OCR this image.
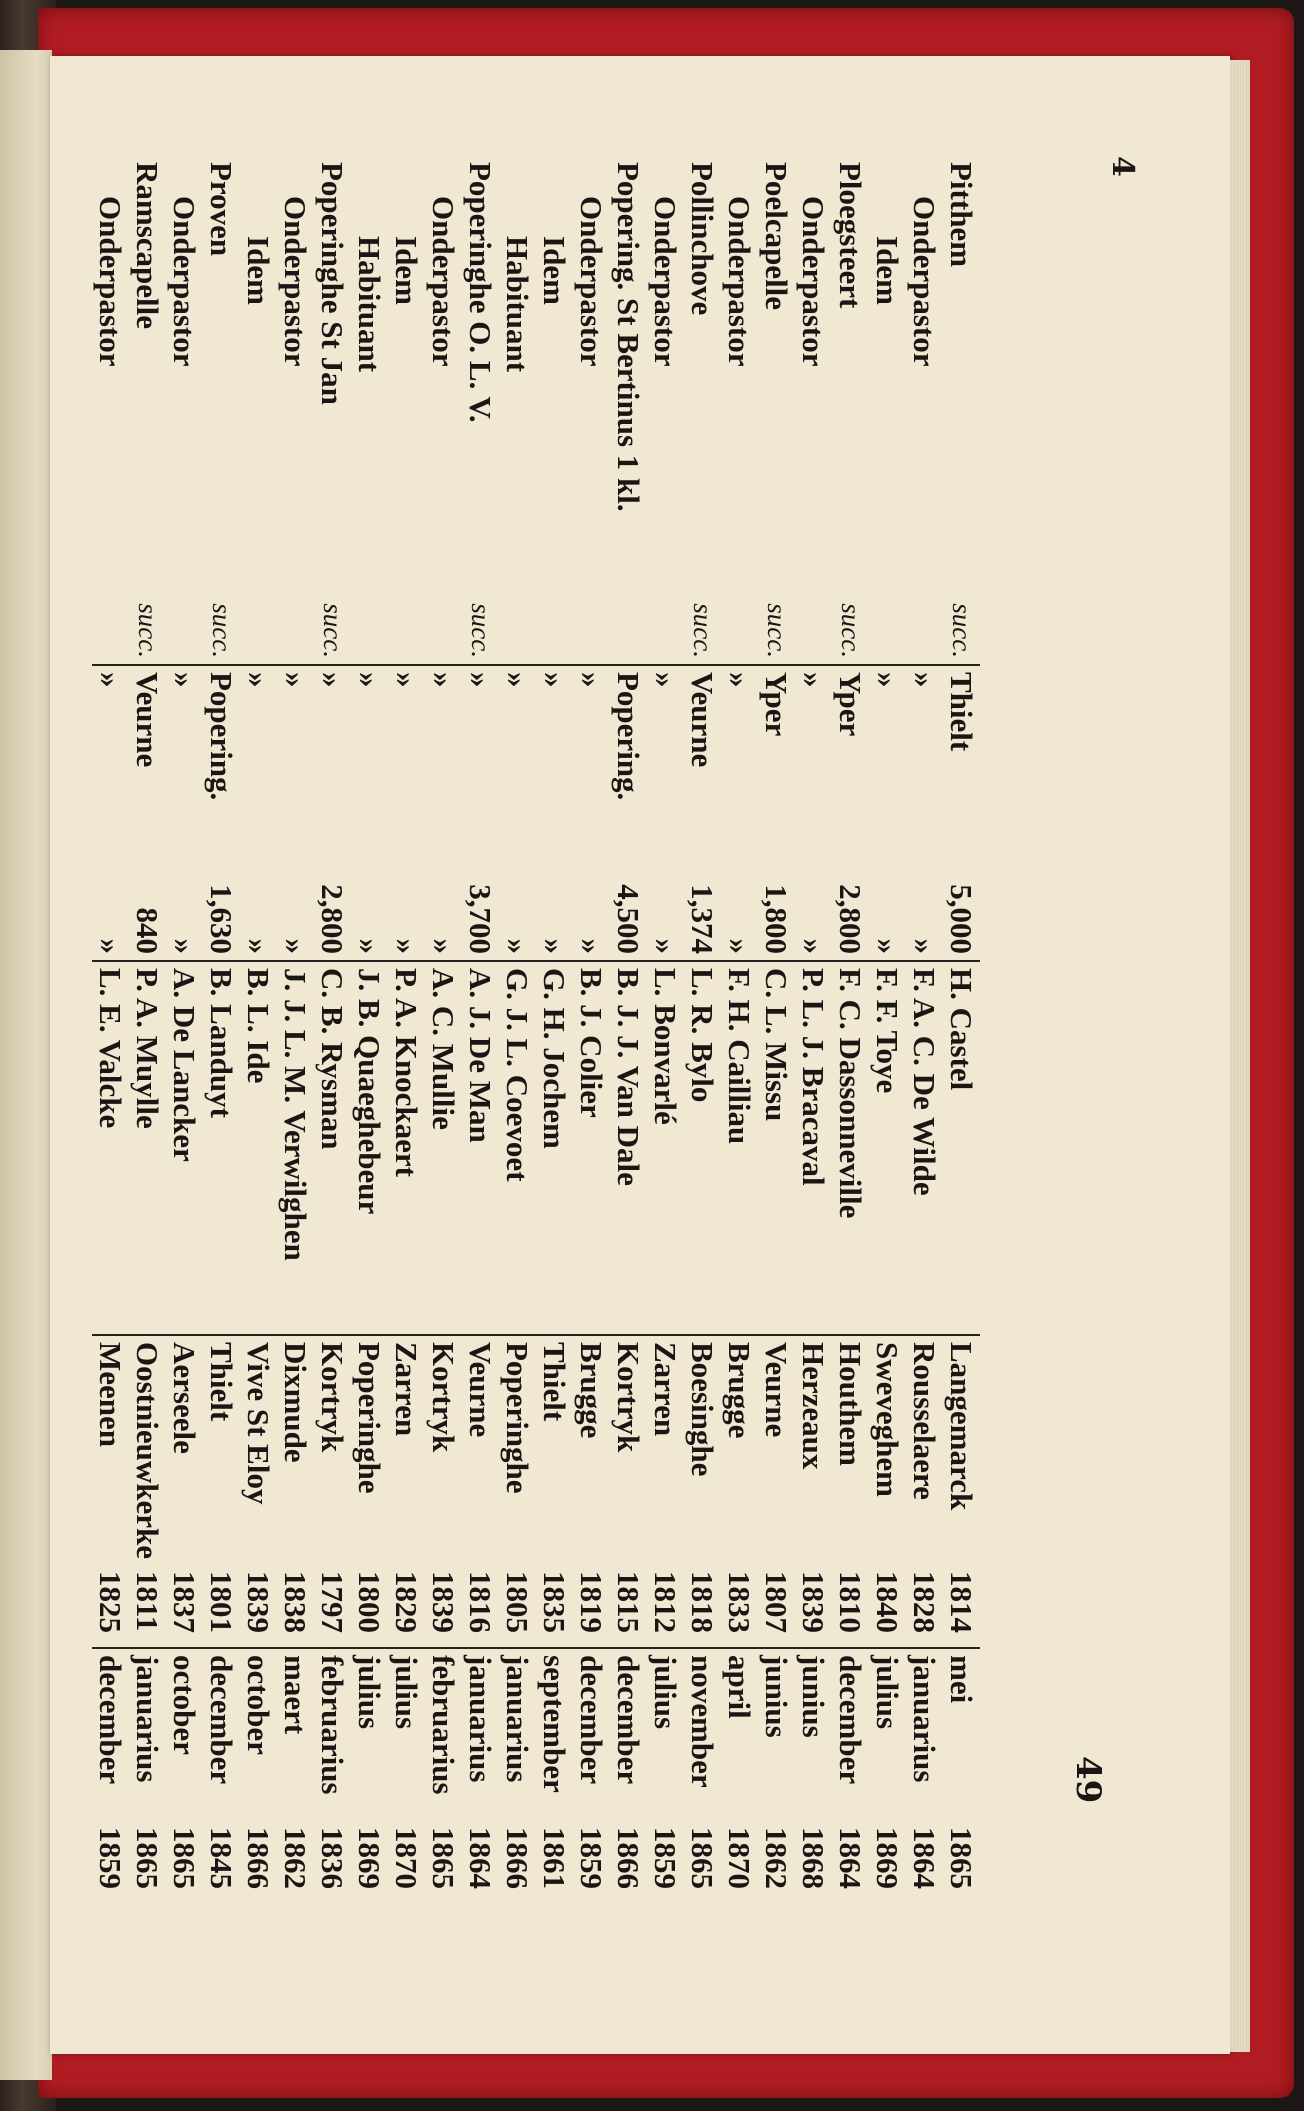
49
4
Pitthem	succ.	Thielt	5,000	H. Castel	Langemarck	1814	mei	1865
Onderpastor		»	»	F. A. C. De Wilde	Rousselaere	1828	januarius	1864
Idem		»	»	F. F. Toye	Sweveghem	1840	julius	1869
Ploegsteert	succ.	Yper	2,800	F. C. Dassonneville	Houthem	1810	december	1864
Onderpastor		»	»	P. L. J. Bracaval	Herzeaux	1839	junius	1868
Poelcapelle	succ.	Yper	1,800	C. L. Missu	Veurne	1807	junius	1862
Onderpastor		»	»	F. H. Cailliau	Brugge	1833	april	1870
Pollinchove	succ.	Veurne	1,374	L. R. Bylo	Boesinghe	1818	november	1865
Onderpastor		»	»	L. Bonvarlé	Zarren	1812	julius	1859
Popering. St Bertinus 1 kl.		Popering.	4,500	B. J. J. Van Dale	Kortryk	1815	december	1866
Onderpastor		»	»	B. J. Colier	Brugge	1819	december	1859
Idem		»	»	G. H. Jochem	Thielt	1835	september	1861
Habituant		»	»	G. J. L. Coevoet	Poperinghe	1805	januarius	1866
Poperinghe O. L. V.	succ.	»	3,700	A. J. De Man	Veurne	1816	januarius	1864
Onderpastor		»	»	A. C. Mullie	Kortryk	1839	februarius	1865
Idem		»	»	P. A. Knockaert	Zarren	1829	julius	1870
Habituant		»	»	J. B. Quaeghebeur	Poperinghe	1800	julius	1869
Poperinghe St Jan	succ.	»	2,800	C. B. Rysman	Kortryk	1797	februarius	1836
Onderpastor		»	»	J. J. L. M. Verwilghen	Dixmude	1838	maert	1862
Idem		»	»	B. L. Ide	Vive St Eloy	1839	october	1866
Proven	succ.	Popering.	1,630	B. Landuyt	Thielt	1801	december	1845
Onderpastor		»	»	A. De Lancker	Aerseele	1837	october	1865
Ramscapelle	succ.	Veurne	840	P. A. Muylle	Oostnieuwkerke	1811	januarius	1865
Onderpastor		»	»	L. E. Valcke	Meenen	1825	december	1859
